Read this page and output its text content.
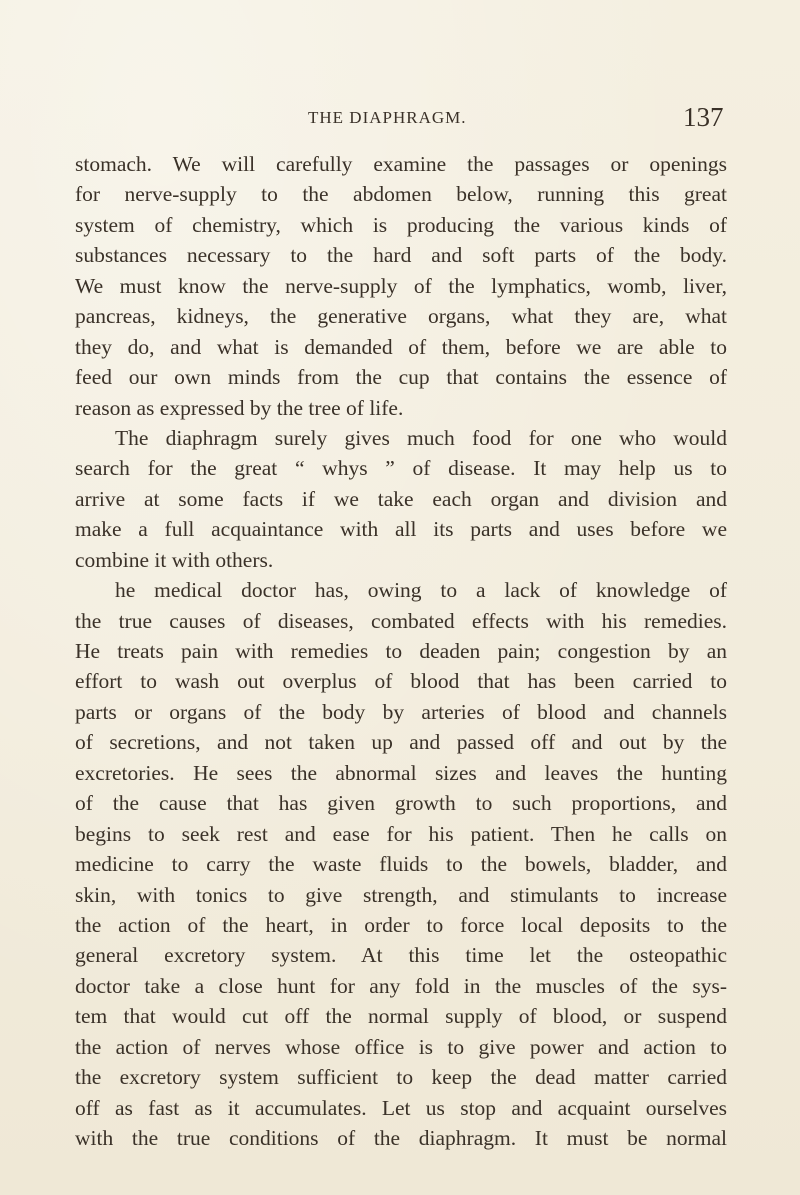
THE DIAPHRAGM.	137
stomach. We will carefully examine the passages or openings
for nerve-supply to the abdomen below, running this great
system of chemistry, which is producing the various kinds of
substances necessary to the hard and soft parts of the body.
We must know the nerve-supply of the lymphatics, womb, liver,
pancreas, kidneys, the generative organs, what they are, what
they do, and what is demanded of them, before we are able to
feed our own minds from the cup that contains the essence of
reason as expressed by the tree of life.
The diaphragm surely gives much food for one who would
search for the great “ whys ” of disease. It may help us to
arrive at some facts if we take each organ and division and
make a full acquaintance with all its parts and uses before we
combine it with others.
he medical doctor has, owing to a lack of knowledge of
the true causes of diseases, combated effects with his remedies.
He treats pain with remedies to deaden pain; congestion by an
effort to wash out overplus of blood that has been carried to
parts or organs of the body by arteries of blood and channels
of secretions, and not taken up and passed off and out by the
excretories. He sees the abnormal sizes and leaves the hunting
of the cause that has given growth to such proportions, and
begins to seek rest and ease for his patient. Then he calls on
medicine to carry the waste fluids to the bowels, bladder, and
skin, with tonics to give strength, and stimulants to increase
the action of the heart, in order to force local deposits to the
general excretory system. At this time let the osteopathic
doctor take a close hunt for any fold in the muscles of the sys-
tem that would cut off the normal supply of blood, or suspend
the action of nerves whose office is to give power and action to
the excretory system sufficient to keep the dead matter carried
off as fast as it accumulates. Let us stop and acquaint ourselves
with the true conditions of the diaphragm. It must be normal
